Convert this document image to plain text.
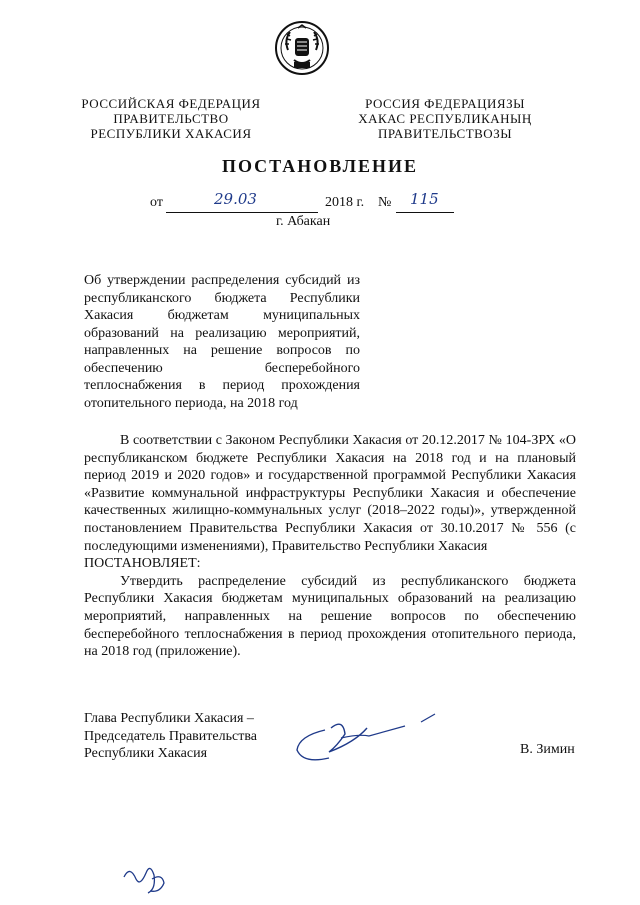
РОССИЙСКАЯ ФЕДЕРАЦИЯ
ПРАВИТЕЛЬСТВО
РЕСПУБЛИКИ ХАКАСИЯ
РОССИЯ ФЕДЕРАЦИЯЗЫ
ХАКАС РЕСПУБЛИКАНЫҢ
ПРАВИТЕЛЬСТВОЗЫ
ПОСТАНОВЛЕНИЕ
от	29.03	2018 г. № 115
г. Абакан
Об утверждении распределения субсидий из республиканского бюджета Республики Хакасия бюджетам муниципальных образований на реализацию мероприятий, направленных на решение вопросов по обеспечению бесперебойного теплоснабжения в период прохождения отопительного периода, на 2018 год

В соответствии с Законом Республики Хакасия от 20.12.2017 № 104-ЗРХ «О республиканском бюджете Республики Хакасия на 2018 год и на плановый период 2019 и 2020 годов» и государственной программой Республики Хакасия «Развитие коммунальной инфраструктуры Республики Хакасия и обеспечение качественных жилищно-коммунальных услуг (2018–2022 годы)», утвержденной постановлением Правительства Республики Хакасия от 30.10.2017 № 556 (с последующими изменениями), Правительство Республики Хакасия

ПОСТАНОВЛЯЕТ:

Утвердить распределение субсидий из республиканского бюджета Республики Хакасия бюджетам муниципальных образований на реализацию мероприятий, направленных на решение вопросов по обеспечению бесперебойного теплоснабжения в период прохождения отопительного периода, на 2018 год (приложение).

Глава Республики Хакасия –
Председатель Правительства
Республики Хакасия	В. Зимин
